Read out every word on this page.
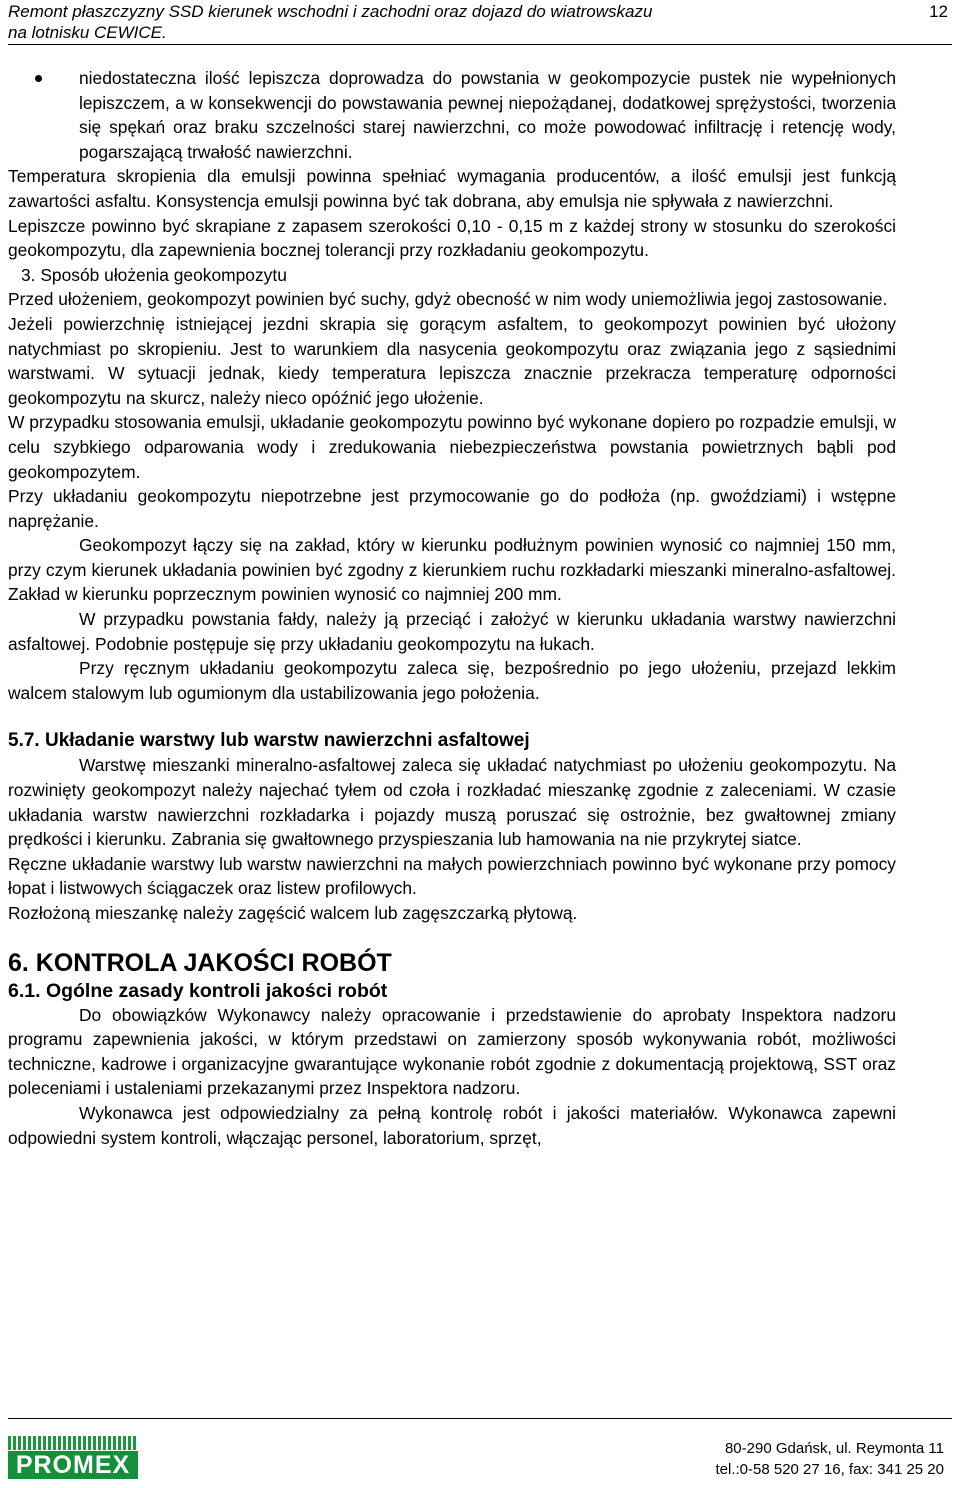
Remont płaszczyzny SSD kierunek wschodni i zachodni oraz dojazd do wiatrowskazu
na lotnisku CEWICE.
12

niedostateczna ilość lepiszcza doprowadza do powstania w geokompozycie pustek nie wypełnionych lepiszczem, a w konsekwencji do powstawania pewnej niepożądanej, dodatkowej sprężystości, tworzenia się spękań oraz braku szczelności starej nawierzchni, co może powodować infiltrację i retencję wody, pogarszającą trwałość nawierzchni.

Temperatura skropienia dla emulsji powinna spełniać wymagania producentów, a ilość emulsji jest funkcją zawartości asfaltu. Konsystencja emulsji powinna być tak dobrana, aby emulsja nie spływała z nawierzchni.

Lepiszcze powinno być skrapiane z zapasem szerokości 0,10 - 0,15 m z każdej strony w stosunku do szerokości geokompozytu, dla zapewnienia bocznej tolerancji przy rozkładaniu geokompozytu.

3. Sposób ułożenia geokompozytu

Przed ułożeniem, geokompozyt powinien być suchy, gdyż obecność w nim wody uniemożliwia jegoj zastosowanie.

Jeżeli powierzchnię istniejącej jezdni skrapia się gorącym asfaltem, to geokompozyt powinien być ułożony natychmiast po skropieniu. Jest to warunkiem dla nasycenia geokompozytu oraz związania jego z sąsiednimi warstwami. W sytuacji jednak, kiedy temperatura lepiszcza znacznie przekracza temperaturę odporności geokompozytu na skurcz, należy nieco opóźnić jego ułożenie.

W przypadku stosowania emulsji, układanie geokompozytu powinno być wykonane dopiero po rozpadzie emulsji, w celu szybkiego odparowania wody i zredukowania niebezpieczeństwa powstania powietrznych bąbli pod geokompozytem.

Przy układaniu geokompozytu niepotrzebne jest przymocowanie go do podłoża (np. gwoździami) i wstępne naprężanie.

Geokompozyt łączy się na zakład, który w kierunku podłużnym powinien wynosić co najmniej 150 mm, przy czym kierunek układania powinien być zgodny z kierunkiem ruchu rozkładarki mieszanki mineralno-asfaltowej. Zakład w kierunku poprzecznym powinien wynosić co najmniej 200 mm.

W przypadku powstania fałdy, należy ją przeciąć i założyć w kierunku układania warstwy nawierzchni asfaltowej. Podobnie postępuje się przy układaniu geokompozytu na łukach.

Przy ręcznym układaniu geokompozytu zaleca się, bezpośrednio po jego ułożeniu, przejazd lekkim walcem stalowym lub ogumionym dla ustabilizowania jego położenia.

5.7. Układanie warstwy lub warstw nawierzchni asfaltowej

Warstwę mieszanki mineralno-asfaltowej zaleca się układać natychmiast po ułożeniu geokompozytu. Na rozwinięty geokompozyt należy najechać tyłem od czoła i rozkładać mieszankę zgodnie z zaleceniami. W czasie układania warstw nawierzchni rozkładarka i pojazdy muszą poruszać się ostrożnie, bez gwałtownej zmiany prędkości i kierunku. Zabrania się gwałtownego przyspieszania lub hamowania na nie przykrytej siatce.

Ręczne układanie warstwy lub warstw nawierzchni na małych powierzchniach powinno być wykonane przy pomocy łopat i listwowych ściągaczek oraz listew profilowych.

Rozłożoną mieszankę należy zagęścić walcem lub zagęszczarką płytową.

6. KONTROLA JAKOŚCI ROBÓT

6.1. Ogólne zasady kontroli jakości robót

Do obowiązków Wykonawcy należy opracowanie i przedstawienie do aprobaty Inspektora nadzoru programu zapewnienia jakości, w którym przedstawi on zamierzony sposób wykonywania robót, możliwości techniczne, kadrowe i organizacyjne gwarantujące wykonanie robót zgodnie z dokumentacją projektową, SST oraz poleceniami i ustaleniami przekazanymi przez Inspektora nadzoru.

Wykonawca jest odpowiedzialny za pełną kontrolę robót i jakości materiałów. Wykonawca zapewni odpowiedni system kontroli, włączając personel, laboratorium, sprzęt,

PROMEX
80-290 Gdańsk, ul. Reymonta 11
tel.:0-58 520 27 16, fax: 341 25 20
